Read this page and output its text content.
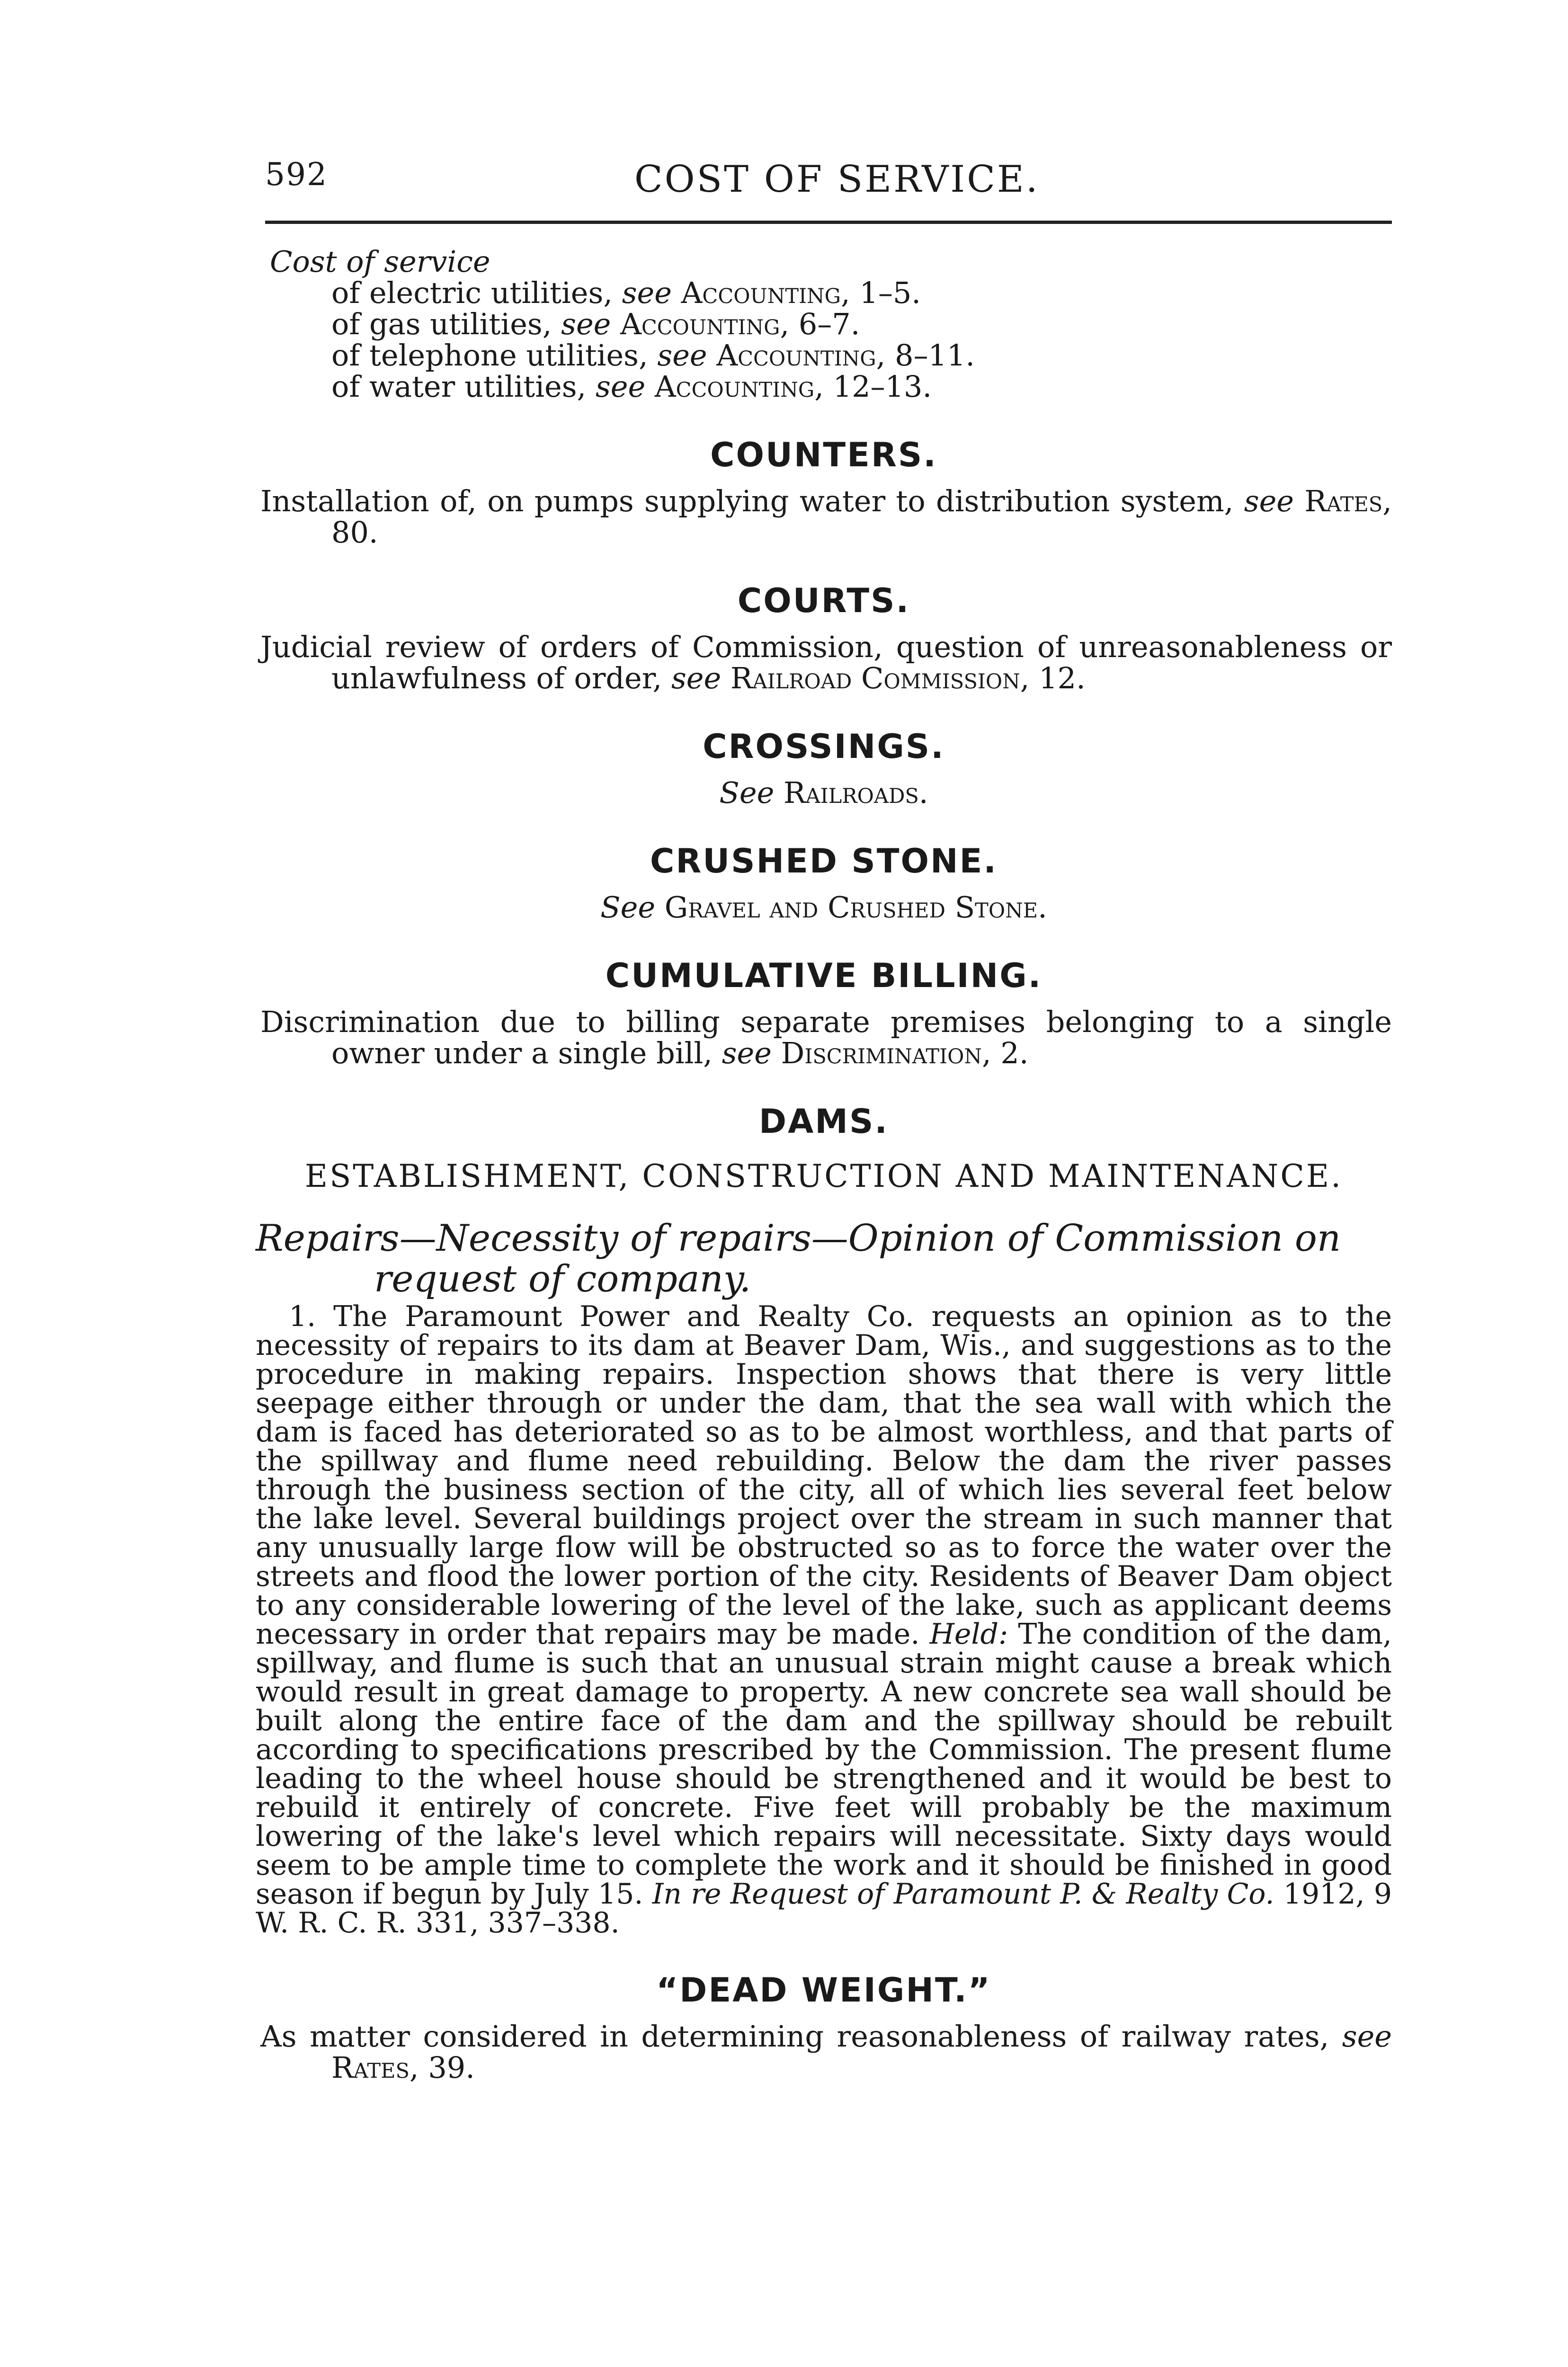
592	COST OF SERVICE.
Cost of service
of electric utilities, see Accounting, 1–5.
of gas utilities, see Accounting, 6–7.
of telephone utilities, see Accounting, 8–11.
of water utilities, see Accounting, 12–13.
COUNTERS.
Installation of, on pumps supplying water to distribution system, see Rates, 80.
COURTS.
Judicial review of orders of Commission, question of unreasonableness or unlawfulness of order, see Railroad Commission, 12.
CROSSINGS.
See Railroads.
CRUSHED STONE.
See Gravel and Crushed Stone.
CUMULATIVE BILLING.
Discrimination due to billing separate premises belonging to a single owner under a single bill, see Discrimination, 2.
DAMS.
ESTABLISHMENT, CONSTRUCTION AND MAINTENANCE.
Repairs—Necessity of repairs—Opinion of Commission on request of company.
1. The Paramount Power and Realty Co. requests an opinion as to the necessity of repairs to its dam at Beaver Dam, Wis., and suggestions as to the procedure in making repairs. Inspection shows that there is very little seepage either through or under the dam, that the sea wall with which the dam is faced has deteriorated so as to be almost worthless, and that parts of the spillway and flume need rebuilding. Below the dam the river passes through the business section of the city, all of which lies several feet below the lake level. Several buildings project over the stream in such manner that any unusually large flow will be obstructed so as to force the water over the streets and flood the lower portion of the city. Residents of Beaver Dam object to any considerable lowering of the level of the lake, such as applicant deems necessary in order that repairs may be made. Held: The condition of the dam, spillway, and flume is such that an unusual strain might cause a break which would result in great damage to property. A new concrete sea wall should be built along the entire face of the dam and the spillway should be rebuilt according to specifications prescribed by the Commission. The present flume leading to the wheel house should be strengthened and it would be best to rebuild it entirely of concrete. Five feet will probably be the maximum lowering of the lake's level which repairs will necessitate. Sixty days would seem to be ample time to complete the work and it should be finished in good season if begun by July 15. In re Request of Paramount P. & Realty Co. 1912, 9 W. R. C. R. 331, 337–338.
“DEAD WEIGHT.”
As matter considered in determining reasonableness of railway rates, see Rates, 39.
